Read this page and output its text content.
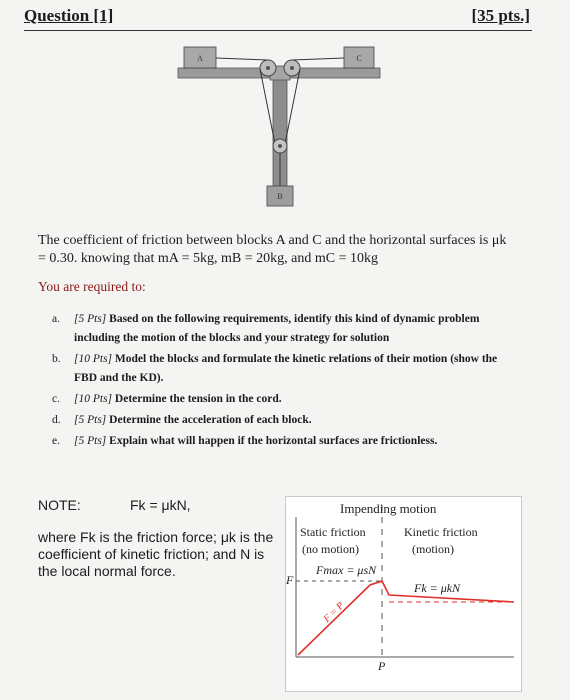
Question [1]	[35 pts.]
A	C
B
The coefficient of friction between blocks A and C and the horizontal surfaces is μk
= 0.30. knowing that mA = 5kg, mB = 20kg, and mC = 10kg
You are required to:
a. [5 Pts] Based on the following requirements, identify this kind of dynamic problem including the motion of the blocks and your strategy for solution
b. [10 Pts] Model the blocks and formulate the kinetic relations of their motion (show the FBD and the KD).
c. [10 Pts] Determine the tension in the cord.
d. [5 Pts] Determine the acceleration of each block.
e. [5 Pts] Explain what will happen if the horizontal surfaces are frictionless.
NOTE:	Fk = μkN,
where Fk is the friction force; μk is the coefficient of kinetic friction; and N is the local normal force.
Impending motion
Static friction
(no motion)
Kinetic friction
(motion)
Fmax = μsN
Fk = μkN
F
P
F = P
